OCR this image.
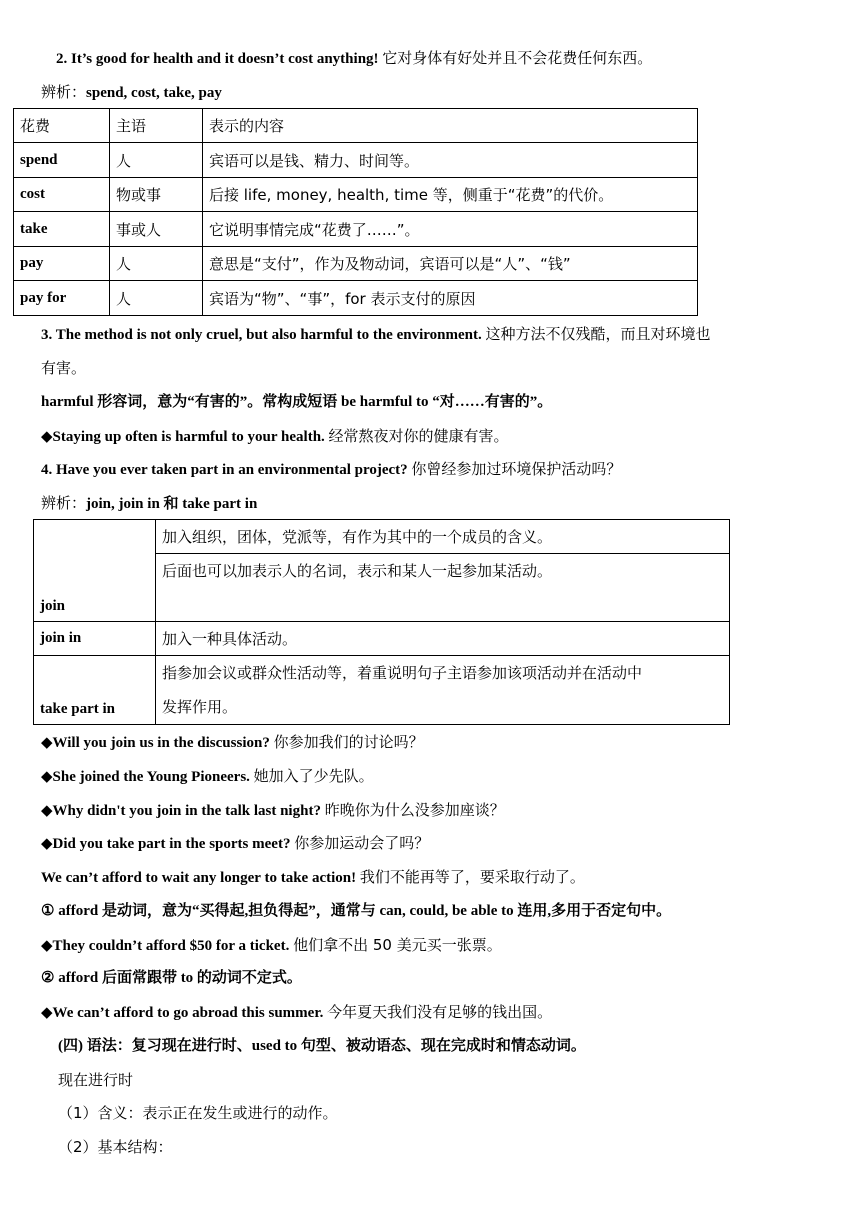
2. It’s good for health and it doesn’t cost anything! 它对身体有好处并且不会花费任何东西。
辨析：spend, cost, take, pay
花费	主语	表示的内容
spend	人	宾语可以是钱、精力、时间等。
cost	物或事	后接 life, money, health, time 等，侧重于“花费”的代价。
take	事或人	它说明事情完成“花费了……”。
pay	人	意思是“支付”，作为及物动词，宾语可以是“人”、“钱”
pay for	人	宾语为“物”、“事”，for 表示支付的原因
3. The method is not only cruel, but also harmful to the environment. 这种方法不仅残酷，而且对环境也
有害。
harmful 形容词，意为“有害的”。常构成短语 be harmful to “对……有害的”。
◆Staying up often is harmful to your health. 经常熬夜对你的健康有害。
4. Have you ever taken part in an environmental project? 你曾经参加过环境保护活动吗？
辨析：join, join in 和 take part in
join	加入组织，团体，党派等，有作为其中的一个成员的含义。
	后面也可以加表示人的名词，表示和某人一起参加某活动。
join in	加入一种具体活动。
take part in	指参加会议或群众性活动等，着重说明句子主语参加该项活动并在活动中
发挥作用。
◆Will you join us in the discussion? 你参加我们的讨论吗？
◆She joined the Young Pioneers. 她加入了少先队。
◆Why didn't you join in the talk last night? 昨晚你为什么没参加座谈？
◆Did you take part in the sports meet? 你参加运动会了吗？
We can’t afford to wait any longer to take action! 我们不能再等了，要采取行动了。
① afford 是动词，意为“买得起,担负得起”，通常与 can, could, be able to 连用,多用于否定句中。
◆They couldn’t afford $50 for a ticket. 他们拿不出 50 美元买一张票。
② afford 后面常跟带 to 的动词不定式。
◆We can’t afford to go abroad this summer. 今年夏天我们没有足够的钱出国。
(四) 语法：复习现在进行时、used to 句型、被动语态、现在完成时和情态动词。
现在进行时
（1）含义：表示正在发生或进行的动作。
（2）基本结构：
